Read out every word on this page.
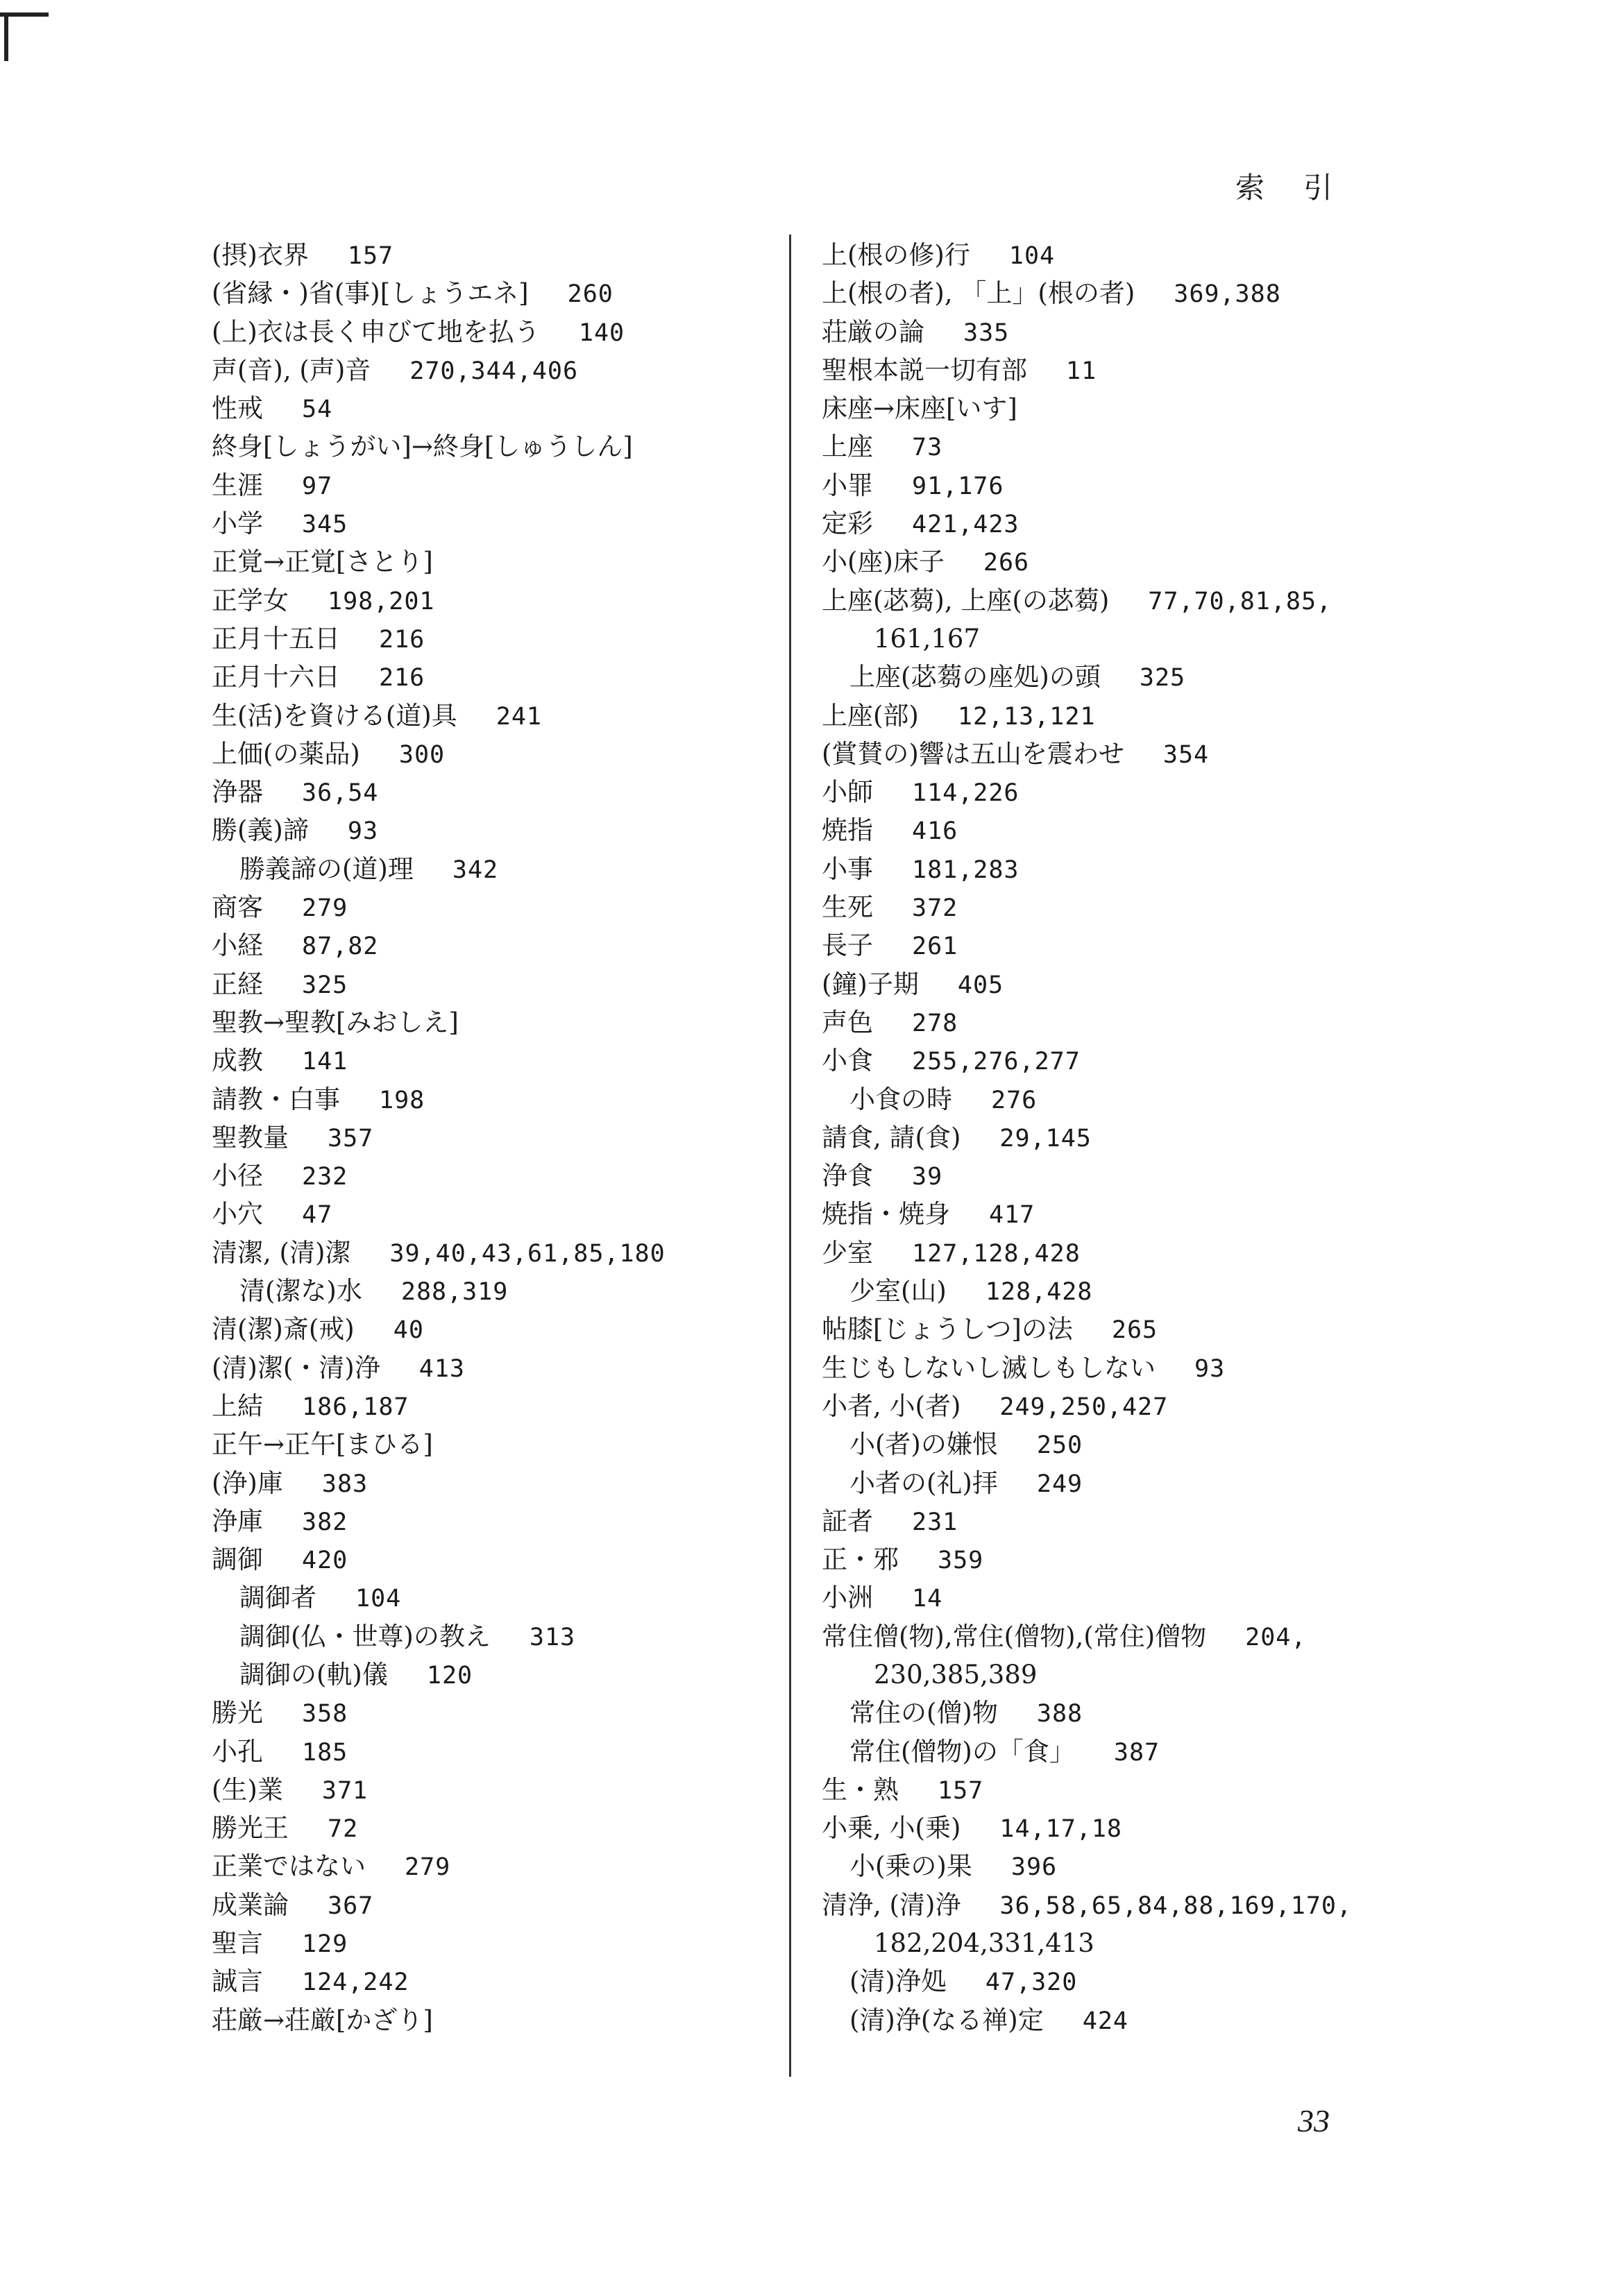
索引
(摂)衣界 157
(省縁・)省(事)[しょうエネ] 260
(上)衣は長く申びて地を払う 140
声(音), (声)音 270,344,406
性戒 54
終身[しょうがい]→終身[しゅうしん]
生涯 97
小学 345
正覚→正覚[さとり]
正学女 198,201
正月十五日 216
正月十六日 216
生(活)を資ける(道)具 241
上価(の薬品) 300
浄器 36,54
勝(義)諦 93
勝義諦の(道)理 342
商客 279
小経 87,82
正経 325
聖教→聖教[みおしえ]
成教 141
請教・白事 198
聖教量 357
小径 232
小穴 47
清潔, (清)潔 39,40,43,61,85,180
清(潔な)水 288,319
清(潔)斎(戒) 40
(清)潔(・清)浄 413
上結 186,187
正午→正午[まひる]
(浄)庫 383
浄庫 382
調御 420
調御者 104
調御(仏・世尊)の教え 313
調御の(軌)儀 120
勝光 358
小孔 185
(生)業 371
勝光王 72
正業ではない 279
成業論 367
聖言 129
誠言 124,242
荘厳→荘厳[かざり]
上(根の修)行 104
上(根の者), 「上」(根の者) 369,388
荘厳の論 335
聖根本説一切有部 11
床座→床座[いす]
上座 73
小罪 91,176
定彩 421,423
小(座)床子 266
上座(苾蒭), 上座(の苾蒭) 77,70,81,85,
161,167
上座(苾蒭の座処)の頭 325
上座(部) 12,13,121
(賞賛の)響は五山を震わせ 354
小師 114,226
焼指 416
小事 181,283
生死 372
長子 261
(鐘)子期 405
声色 278
小食 255,276,277
小食の時 276
請食, 請(食) 29,145
浄食 39
焼指・焼身 417
少室 127,128,428
少室(山) 128,428
帖膝[じょうしつ]の法 265
生じもしないし滅しもしない 93
小者, 小(者) 249,250,427
小(者)の嫌恨 250
小者の(礼)拝 249
証者 231
正・邪 359
小洲 14
常住僧(物),常住(僧物),(常住)僧物 204,
230,385,389
常住の(僧)物 388
常住(僧物)の「食」 387
生・熟 157
小乗, 小(乗) 14,17,18
小(乗の)果 396
清浄, (清)浄 36,58,65,84,88,169,170,
182,204,331,413
(清)浄処 47,320
(清)浄(なる禅)定 424
33
